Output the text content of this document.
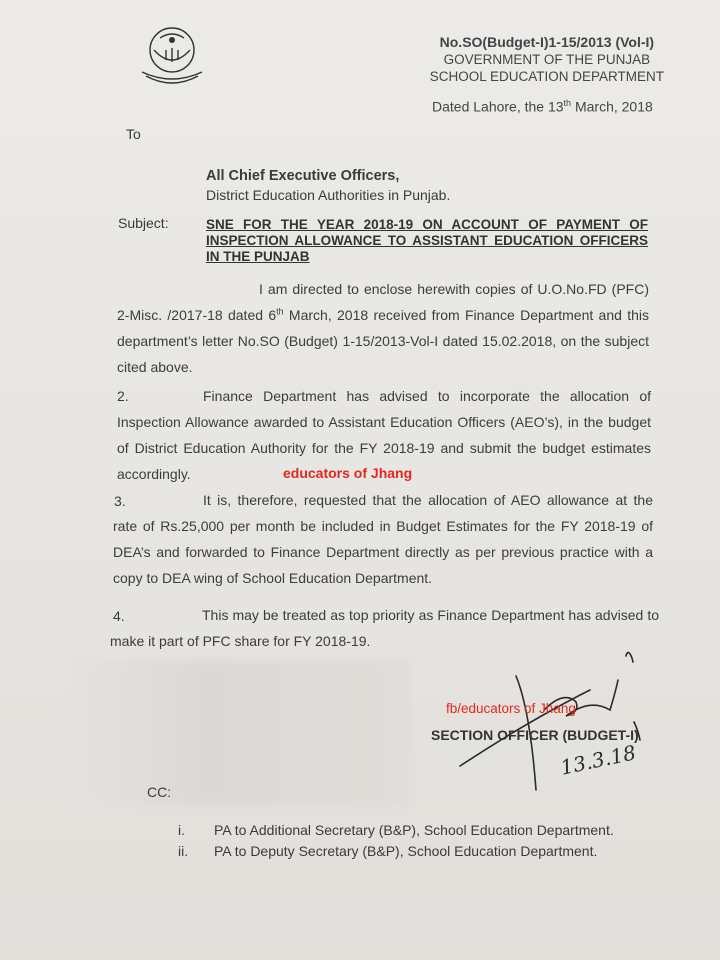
No.SO(Budget-I)1-15/2013 (Vol-I)
GOVERNMENT OF THE PUNJAB
SCHOOL EDUCATION DEPARTMENT
Dated Lahore, the 13th March, 2018
To
All Chief Executive Officers,
District Education Authorities in Punjab.
Subject:	SNE FOR THE YEAR 2018-19 ON ACCOUNT OF PAYMENT OF INSPECTION ALLOWANCE TO ASSISTANT EDUCATION OFFICERS IN THE PUNJAB
I am directed to enclose herewith copies of U.O.No.FD (PFC) 2-Misc. /2017-18 dated 6th March, 2018 received from Finance Department and this department’s letter No.SO (Budget) 1-15/2013-Vol-I dated 15.02.2018, on the subject cited above.
2.	Finance Department has advised to incorporate the allocation of Inspection Allowance awarded to Assistant Education Officers (AEO’s), in the budget of District Education Authority for the FY 2018-19 and submit the budget estimates accordingly.	educators of Jhang
3.	It is, therefore, requested that the allocation of AEO allowance at the rate of Rs.25,000 per month be included in Budget Estimates for the FY 2018-19 of DEA’s and forwarded to Finance Department directly as per previous practice with a copy to DEA wing of School Education Department.
4.	This may be treated as top priority as Finance Department has advised to make it part of PFC share for FY 2018-19.
fb/educators of Jhang
SECTION OFFICER (BUDGET-I)
13.3.18
CC:
i. PA to Additional Secretary (B&P), School Education Department.
ii. PA to Deputy Secretary (B&P), School Education Department.
